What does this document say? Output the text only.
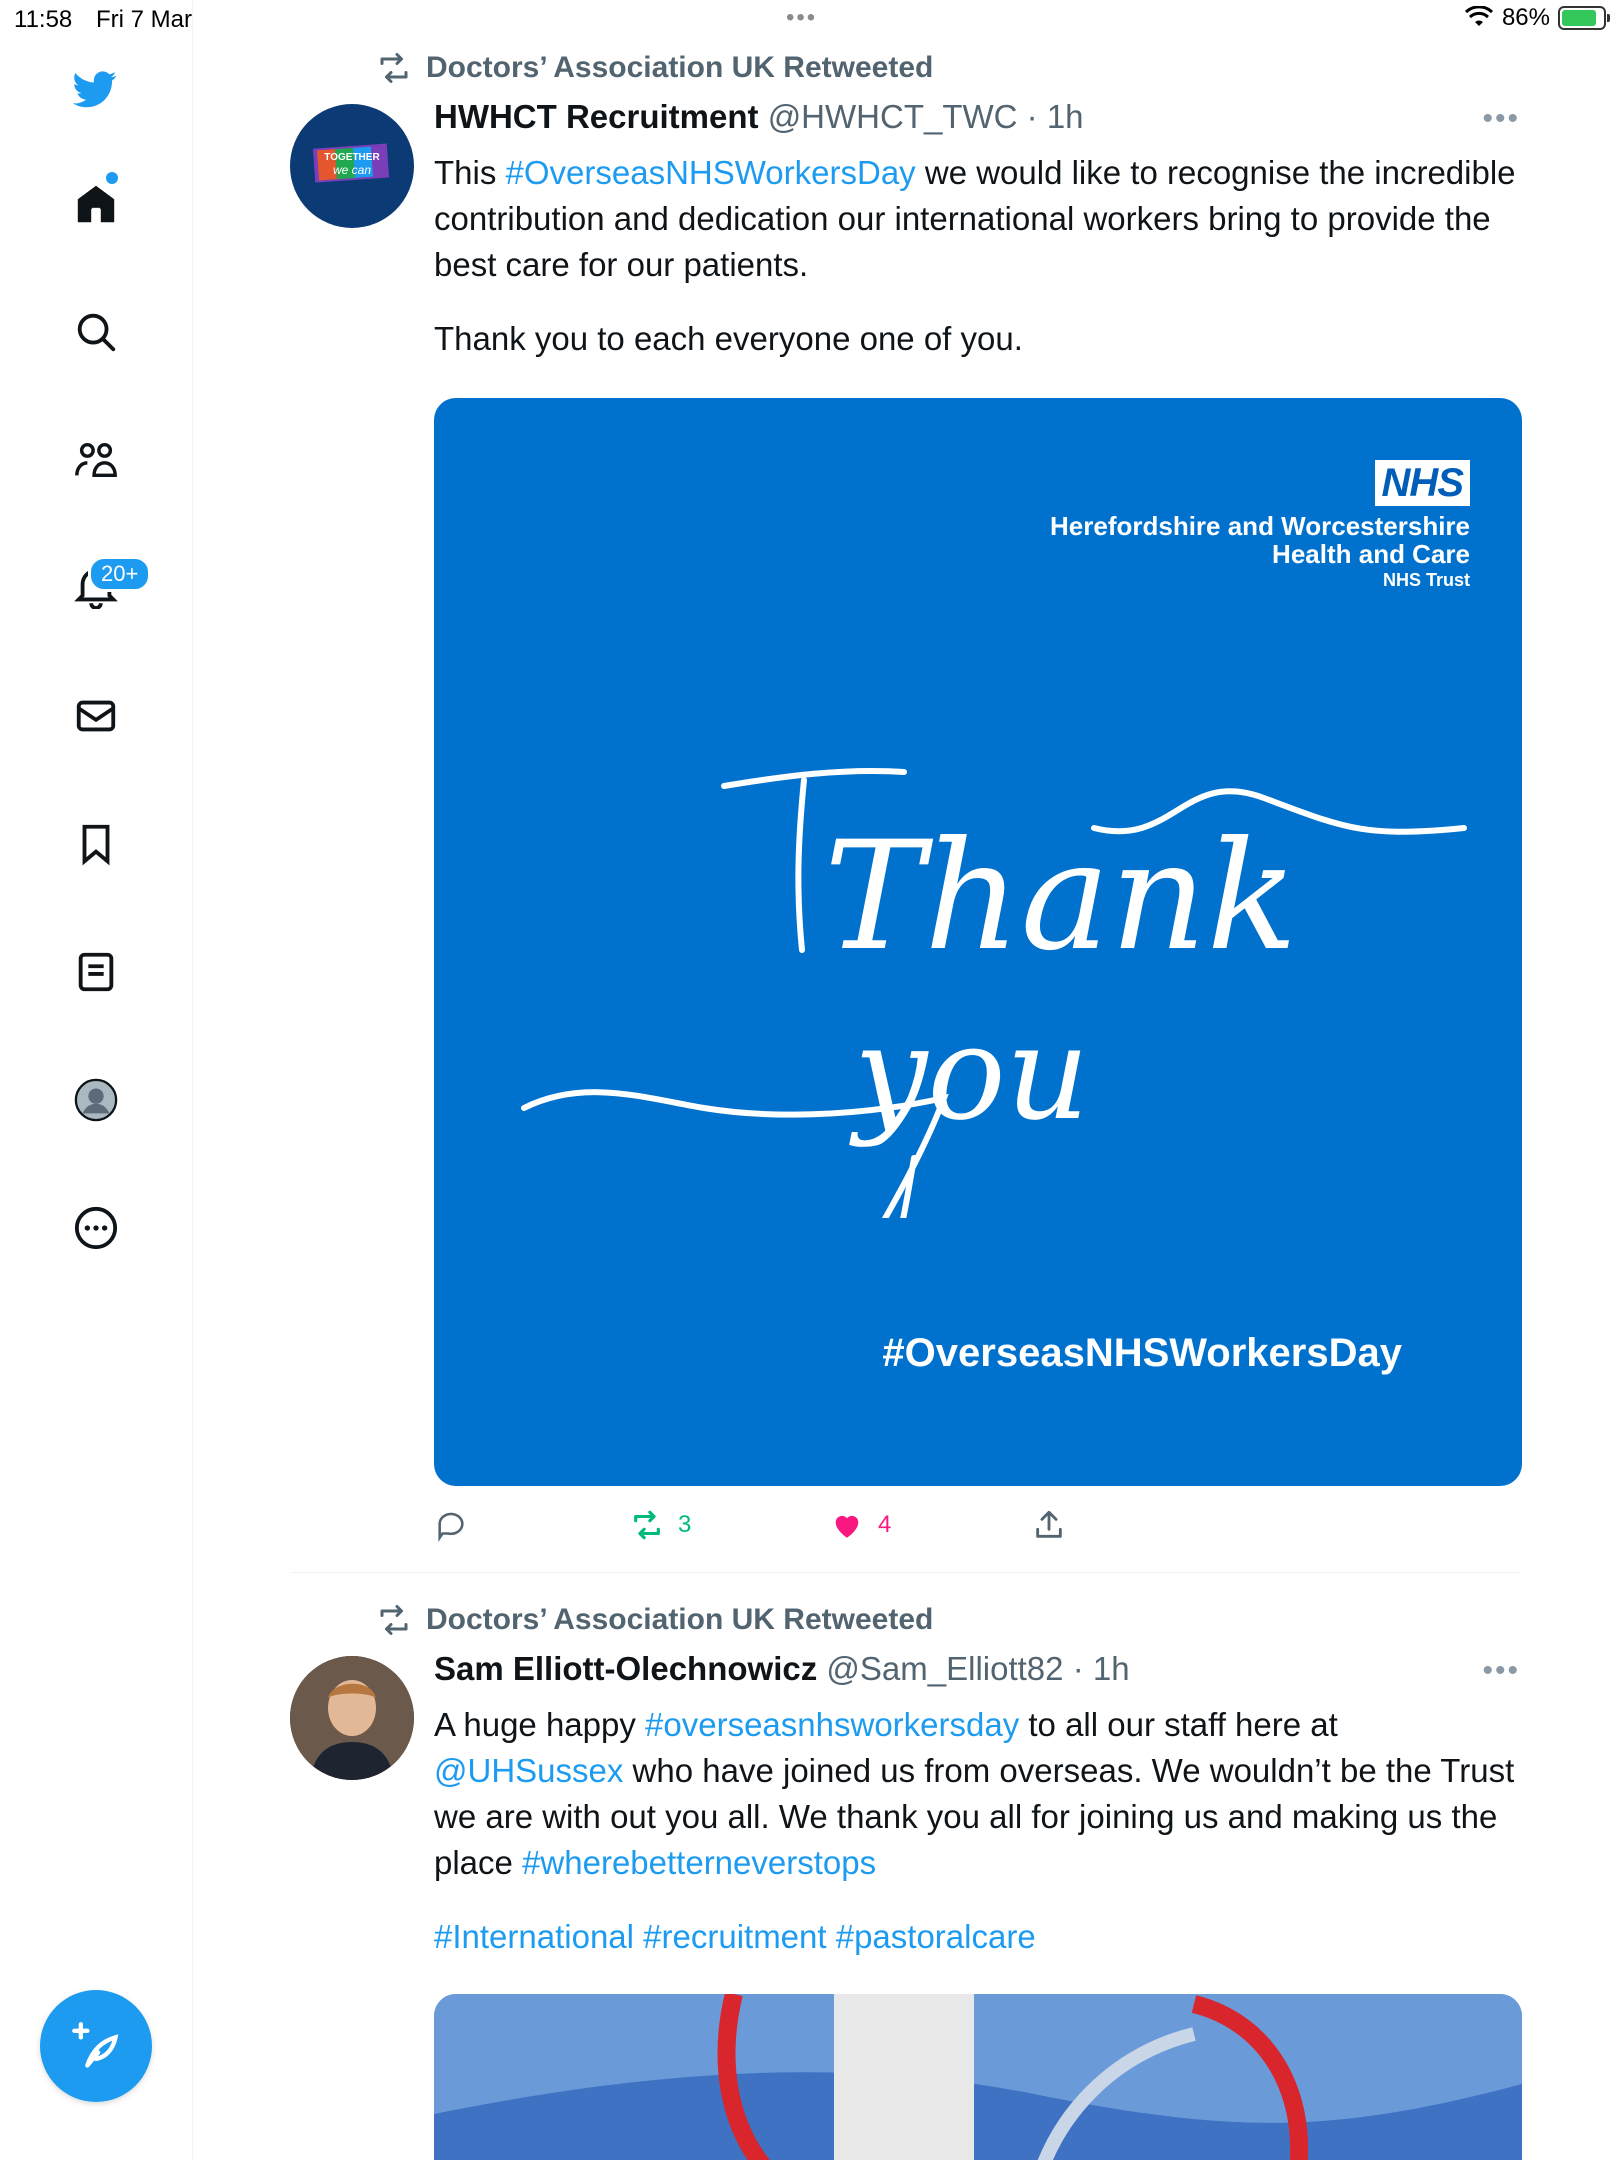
11:58 Fri 7 Mar	•••	86%
20+
Doctors’ Association UK Retweeted
TOGETHER
we can
HWHCT Recruitment @HWHCT_TWC · 1h	•••

This #OverseasNHSWorkersDay we would like to recognise the incredible contribution and dedication our international workers bring to provide the best care for our patients.

Thank you to each everyone one of you.

NHS
Herefordshire and Worcestershire
Health and Care
NHS Trust
Thank
you
#OverseasNHSWorkersDay
3	4
Doctors’ Association UK Retweeted
Sam Elliott-Olechnowicz @Sam_Elliott82 · 1h	•••

A huge happy #overseasnhsworkersday to all our staff here at
@UHSussex who have joined us from overseas. We wouldn’t be the Trust we are with out you all. We thank you all for joining us and making us the place #wherebetterneverstops

#International #recruitment #pastoralcare
